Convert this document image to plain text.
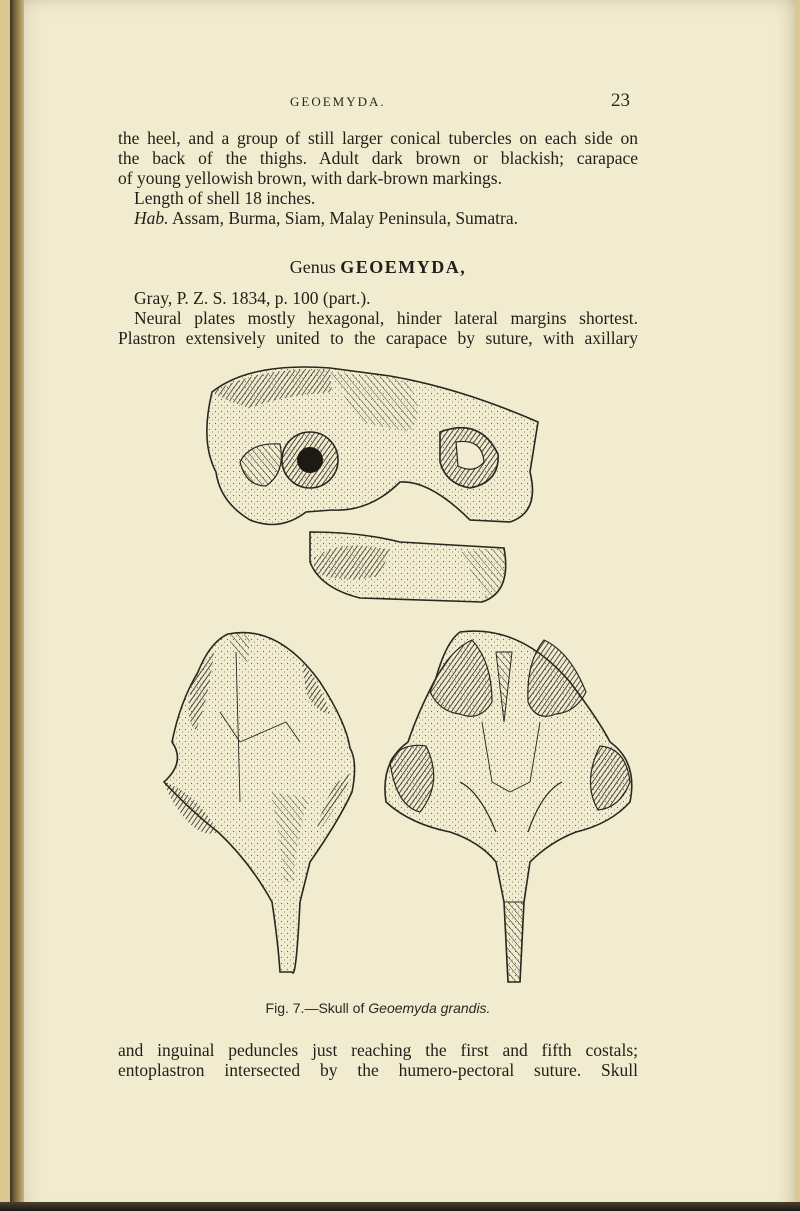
GEOEMYDA.	23

the heel, and a group of still larger conical tubercles on each side on

the back of the thighs. Adult dark brown or blackish; carapace

of young yellowish brown, with dark-brown markings.

Length of shell 18 inches.

Hab. Assam, Burma, Siam, Malay Peninsula, Sumatra.

Genus GEOEMYDA,

Gray, P. Z. S. 1834, p. 100 (part.).

Neural plates mostly hexagonal, hinder lateral margins shortest.

Plastron extensively united to the carapace by suture, with axillary

Fig. 7.—Skull of Geoemyda grandis.

and inguinal peduncles just reaching the first and fifth costals;

entoplastron intersected by the humero-pectoral suture. Skull
